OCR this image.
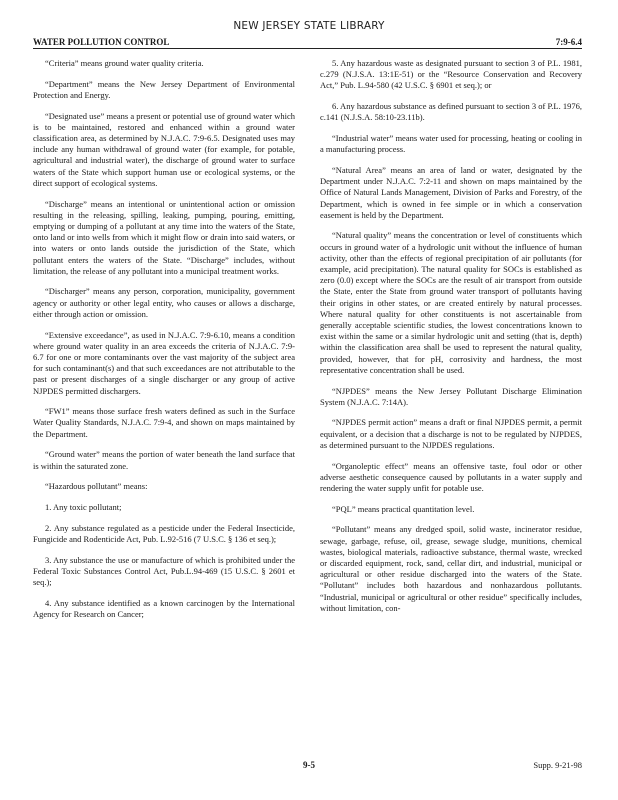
NEW JERSEY STATE LIBRARY
WATER POLLUTION CONTROL	7:9-6.4

“Criteria” means ground water quality criteria.

“Department” means the New Jersey Department of Environmental Protection and Energy.

“Designated use” means a present or potential use of ground water which is to be maintained, restored and enhanced within a ground water classification area, as determined by N.J.A.C. 7:9-6.5. Designated uses may include any human withdrawal of ground water (for example, for potable, agricultural and industrial water), the discharge of ground water to surface waters of the State which support human use or ecological systems, or the direct support of ecological systems.

“Discharge” means an intentional or unintentional action or omission resulting in the releasing, spilling, leaking, pumping, pouring, emitting, emptying or dumping of a pollutant at any time into the waters of the State, onto land or into wells from which it might flow or drain into said waters, or into waters or onto lands outside the jurisdiction of the State, which pollutant enters the waters of the State. “Discharge” includes, without limitation, the release of any pollutant into a municipal treatment works.

“Discharger” means any person, corporation, municipality, government agency or authority or other legal entity, who causes or allows a discharge, either through action or omission.

“Extensive exceedance”, as used in N.J.A.C. 7:9-6.10, means a condition where ground water quality in an area exceeds the criteria of N.J.A.C. 7:9-6.7 for one or more contaminants over the vast majority of the subject area for such contaminant(s) and that such exceedances are not attributable to the past or present discharges of a single discharger or any group of active NJPDES permitted dischargers.

“FW1” means those surface fresh waters defined as such in the Surface Water Quality Standards, N.J.A.C. 7:9-4, and shown on maps maintained by the Department.

“Ground water” means the portion of water beneath the land surface that is within the saturated zone.

“Hazardous pollutant” means:

1. Any toxic pollutant;

2. Any substance regulated as a pesticide under the Federal Insecticide, Fungicide and Rodenticide Act, Pub. L.92-516 (7 U.S.C. § 136 et seq.);

3. Any substance the use or manufacture of which is prohibited under the Federal Toxic Substances Control Act, Pub.L.94-469 (15 U.S.C. § 2601 et seq.);

4. Any substance identified as a known carcinogen by the International Agency for Research on Cancer;

5. Any hazardous waste as designated pursuant to section 3 of P.L. 1981, c.279 (N.J.S.A. 13:1E-51) or the “Resource Conservation and Recovery Act,” Pub. L.94-580 (42 U.S.C. § 6901 et seq.); or

6. Any hazardous substance as defined pursuant to section 3 of P.L. 1976, c.141 (N.J.S.A. 58:10-23.11b).

“Industrial water” means water used for processing, heating or cooling in a manufacturing process.

“Natural Area” means an area of land or water, designated by the Department under N.J.A.C. 7:2-11 and shown on maps maintained by the Office of Natural Lands Management, Division of Parks and Forestry, of the Department, which is owned in fee simple or in which a conservation easement is held by the Department.

“Natural quality” means the concentration or level of constituents which occurs in ground water of a hydrologic unit without the influence of human activity, other than the effects of regional precipitation of air pollutants (for example, acid precipitation). The natural quality for SOCs is established as zero (0.0) except where the SOCs are the result of air transport from outside the State, enter the State from ground water transport of pollutants having their origins in other states, or are created entirely by natural processes. Where natural quality for other constituents is not ascertainable from generally acceptable scientific studies, the lowest concentrations known to exist within the same or a similar hydrologic unit and setting (that is, depth) within the classification area shall be used to represent the natural quality, provided, however, that for pH, corrosivity and hardness, the most representative concentration shall be used.

“NJPDES” means the New Jersey Pollutant Discharge Elimination System (N.J.A.C. 7:14A).

“NJPDES permit action” means a draft or final NJPDES permit, a permit equivalent, or a decision that a discharge is not to be regulated by NJPDES, as determined pursuant to the NJPDES regulations.

“Organoleptic effect” means an offensive taste, foul odor or other adverse aesthetic consequence caused by pollutants in a water supply and rendering the water supply unfit for potable use.

“PQL” means practical quantitation level.

“Pollutant” means any dredged spoil, solid waste, incinerator residue, sewage, garbage, refuse, oil, grease, sewage sludge, munitions, chemical wastes, biological materials, radioactive substance, thermal waste, wrecked or discarded equipment, rock, sand, cellar dirt, and industrial, municipal or agricultural or other residue discharged into the waters of the State. “Pollutant” includes both hazardous and nonhazardous pollutants. “Industrial, municipal or agricultural or other residue” specifically includes, without limitation, con-

9-5	Supp. 9-21-98
